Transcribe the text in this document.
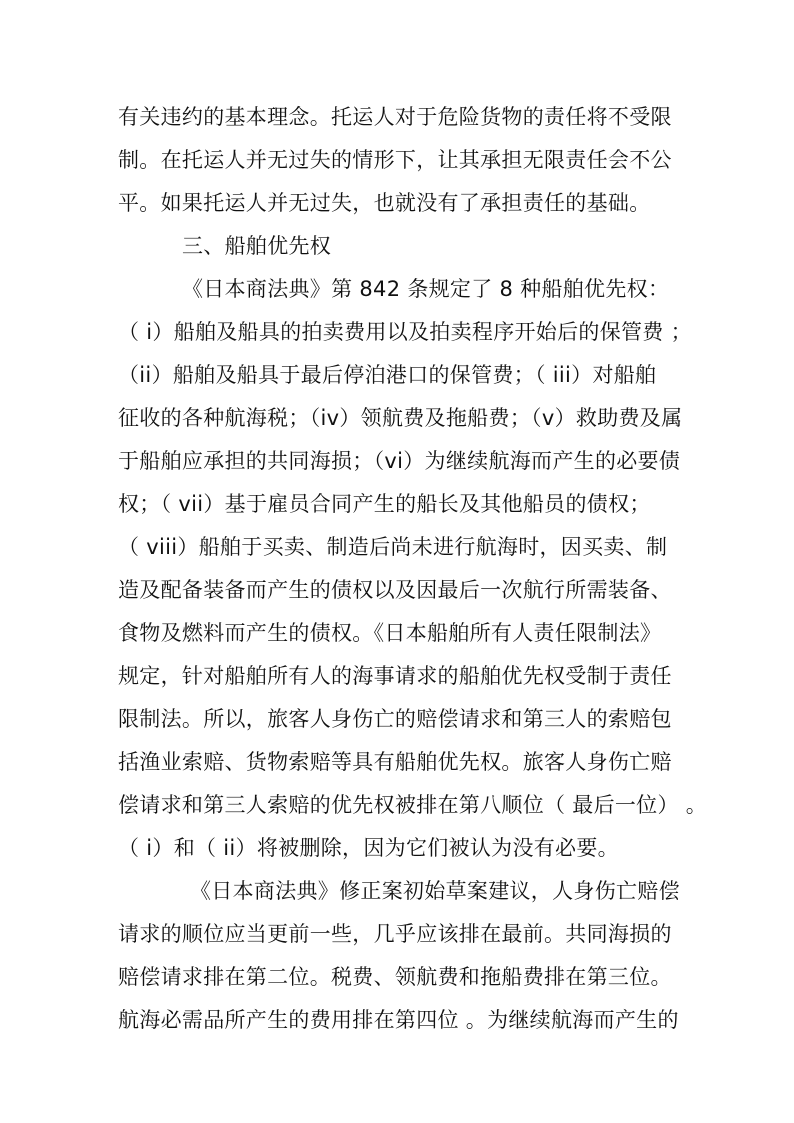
有关违约的基本理念。托运人对于危险货物的责任将不受限
制。在托运人并无过失的情形下，让其承担无限责任会不公
平。如果托运人并无过失，也就没有了承担责任的基础。
三、船舶优先权
《日本商法典》第 842 条规定了 8 种船舶优先权：
（ i）船舶及船具的拍卖费用以及拍卖程序开始后的保管费 ；
（ii）船舶及船具于最后停泊港口的保管费；（ iii）对船舶
征收的各种航海税；（iv）领航费及拖船费；（v）救助费及属
于船舶应承担的共同海损；（vi）为继续航海而产生的必要债
权；（ vii）基于雇员合同产生的船长及其他船员的债权；
（ viii）船舶于买卖、制造后尚未进行航海时，因买卖、制
造及配备装备而产生的债权以及因最后一次航行所需装备、
食物及燃料而产生的债权。《日本船舶所有人责任限制法》
规定，针对船舶所有人的海事请求的船舶优先权受制于责任
限制法。所以，旅客人身伤亡的赔偿请求和第三人的索赔包
括渔业索赔、货物索赔等具有船舶优先权。旅客人身伤亡赔
偿请求和第三人索赔的优先权被排在第八顺位（ 最后一位） 。
（ i）和（ ii）将被删除，因为它们被认为没有必要。
《日本商法典》修正案初始草案建议，人身伤亡赔偿
请求的顺位应当更前一些，几乎应该排在最前。共同海损的
赔偿请求排在第二位。税费、领航费和拖船费排在第三位。
航海必需品所产生的费用排在第四位 。为继续航海而产生的
